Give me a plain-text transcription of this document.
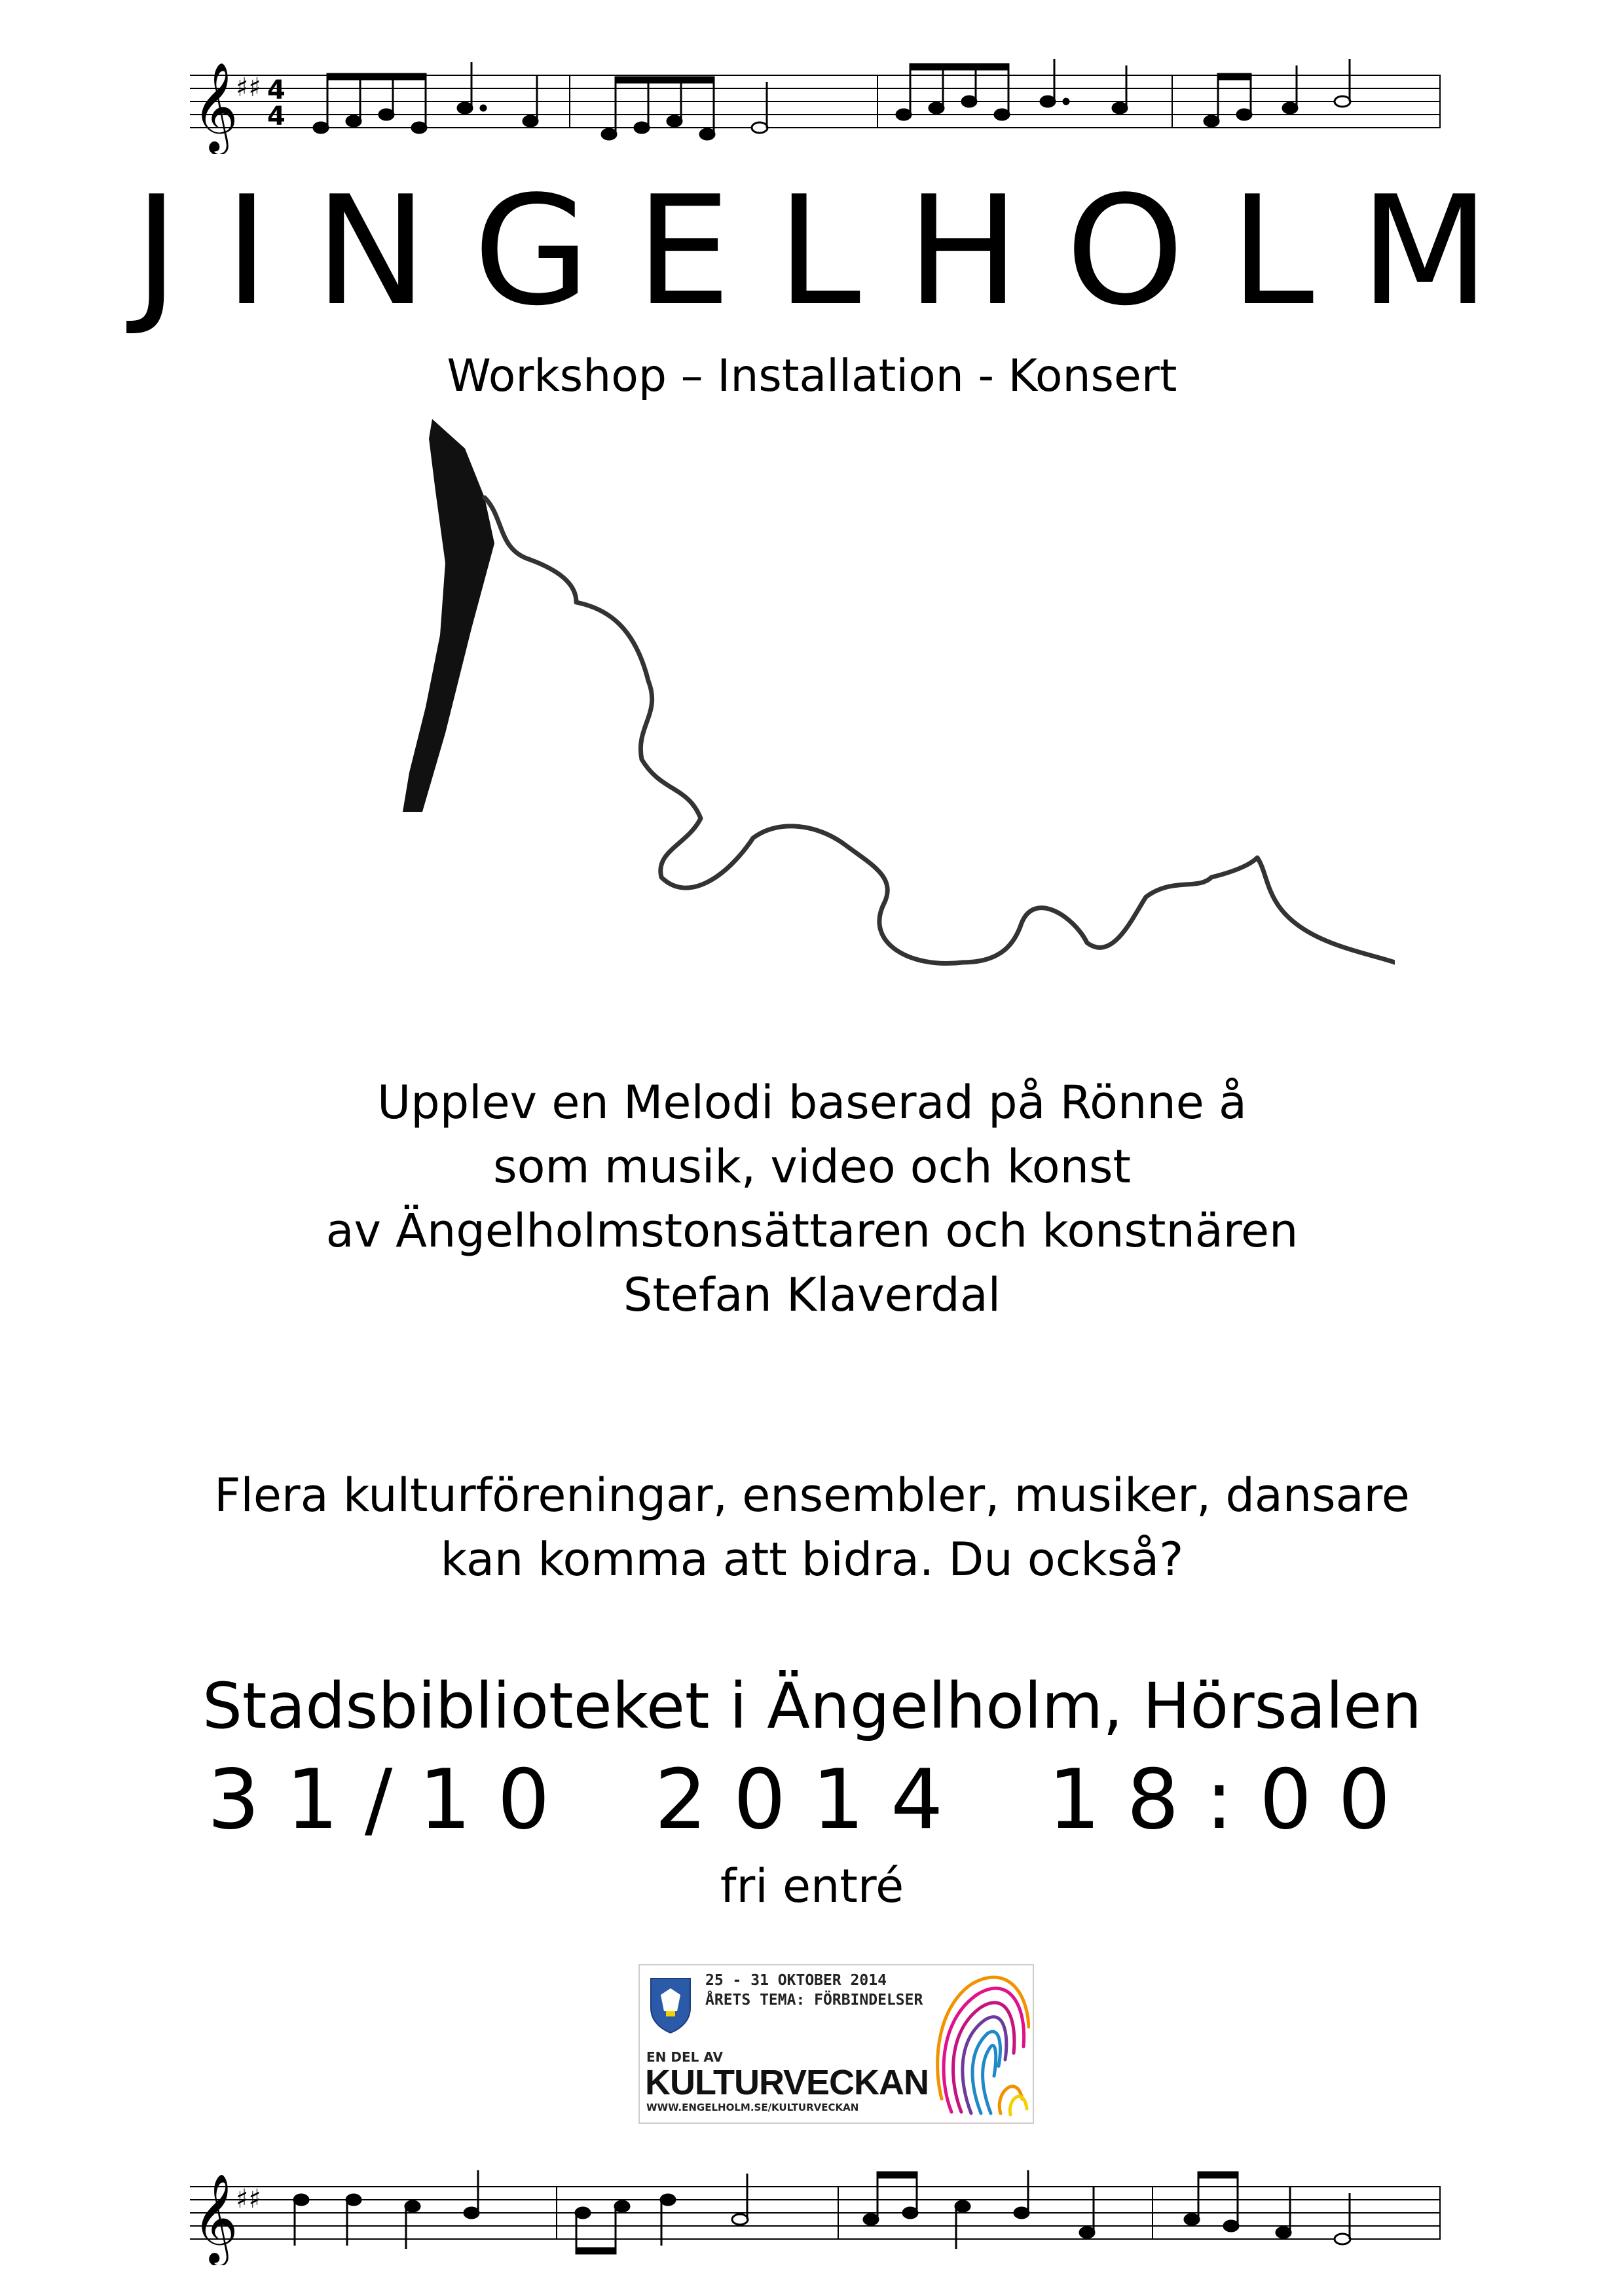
𝄞
♯♯ 4
4
JINGELHOLM
Workshop – Installation - Konsert
Upplev en Melodi baserad på Rönne å
som musik, video och konst
av Ängelholmstonsättaren och konstnären
Stefan Klaverdal
Flera kulturföreningar, ensembler, musiker, dansare
kan komma att bidra. Du också?
Stadsbiblioteket i Ängelholm, Hörsalen
31/10 2014 18:00
fri entré
25 - 31 OKTOBER 2014
ÅRETS TEMA: FÖRBINDELSER
EN DEL AV
KULTURVECKAN
WWW.ENGELHOLM.SE/KULTURVECKAN
𝄞
♯♯
